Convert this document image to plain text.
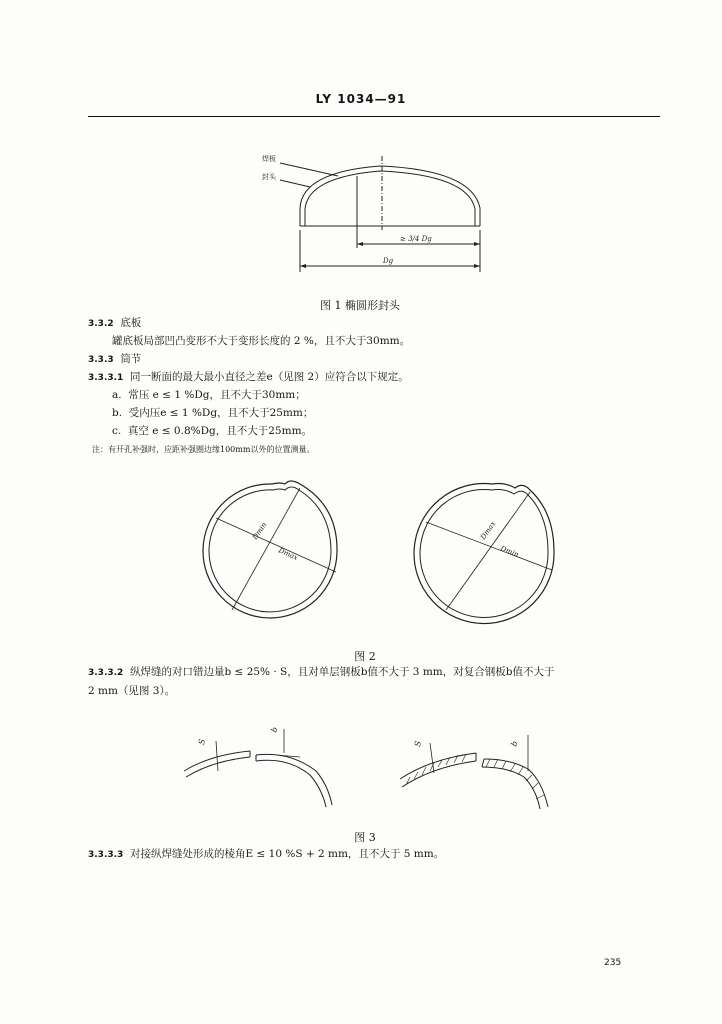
LY 1034—91
焊板
封头
≥ 3/4 Dg
Dg
图 1 椭圆形封头
3.3.2 底板
罐底板局部凹凸变形不大于变形长度的 2 %，且不大于30mm。
3.3.3 筒节
3.3.3.1 同一断面的最大最小直径之差e（见图 2）应符合以下规定。
a. 常压 e ≤ 1 %Dg，且不大于30mm；
b. 受内压e ≤ 1 %Dg，且不大于25mm；
c. 真空 e ≤ 0.8%Dg，且不大于25mm。
注：有开孔补强时，应距补强圈边缘100mm以外的位置测量。
Dmin
Dmax
Dmax
Dmin
图 2
3.3.3.2 纵焊缝的对口错边量b ≤ 25% · S，且对单层钢板b值不大于 3 mm，对复合钢板b值不大于
2 mm（见图 3）。
S
b
S	b
图 3
3.3.3.3 对接纵焊缝处形成的棱角E ≤ 10 %S + 2 mm，且不大于 5 mm。
235
